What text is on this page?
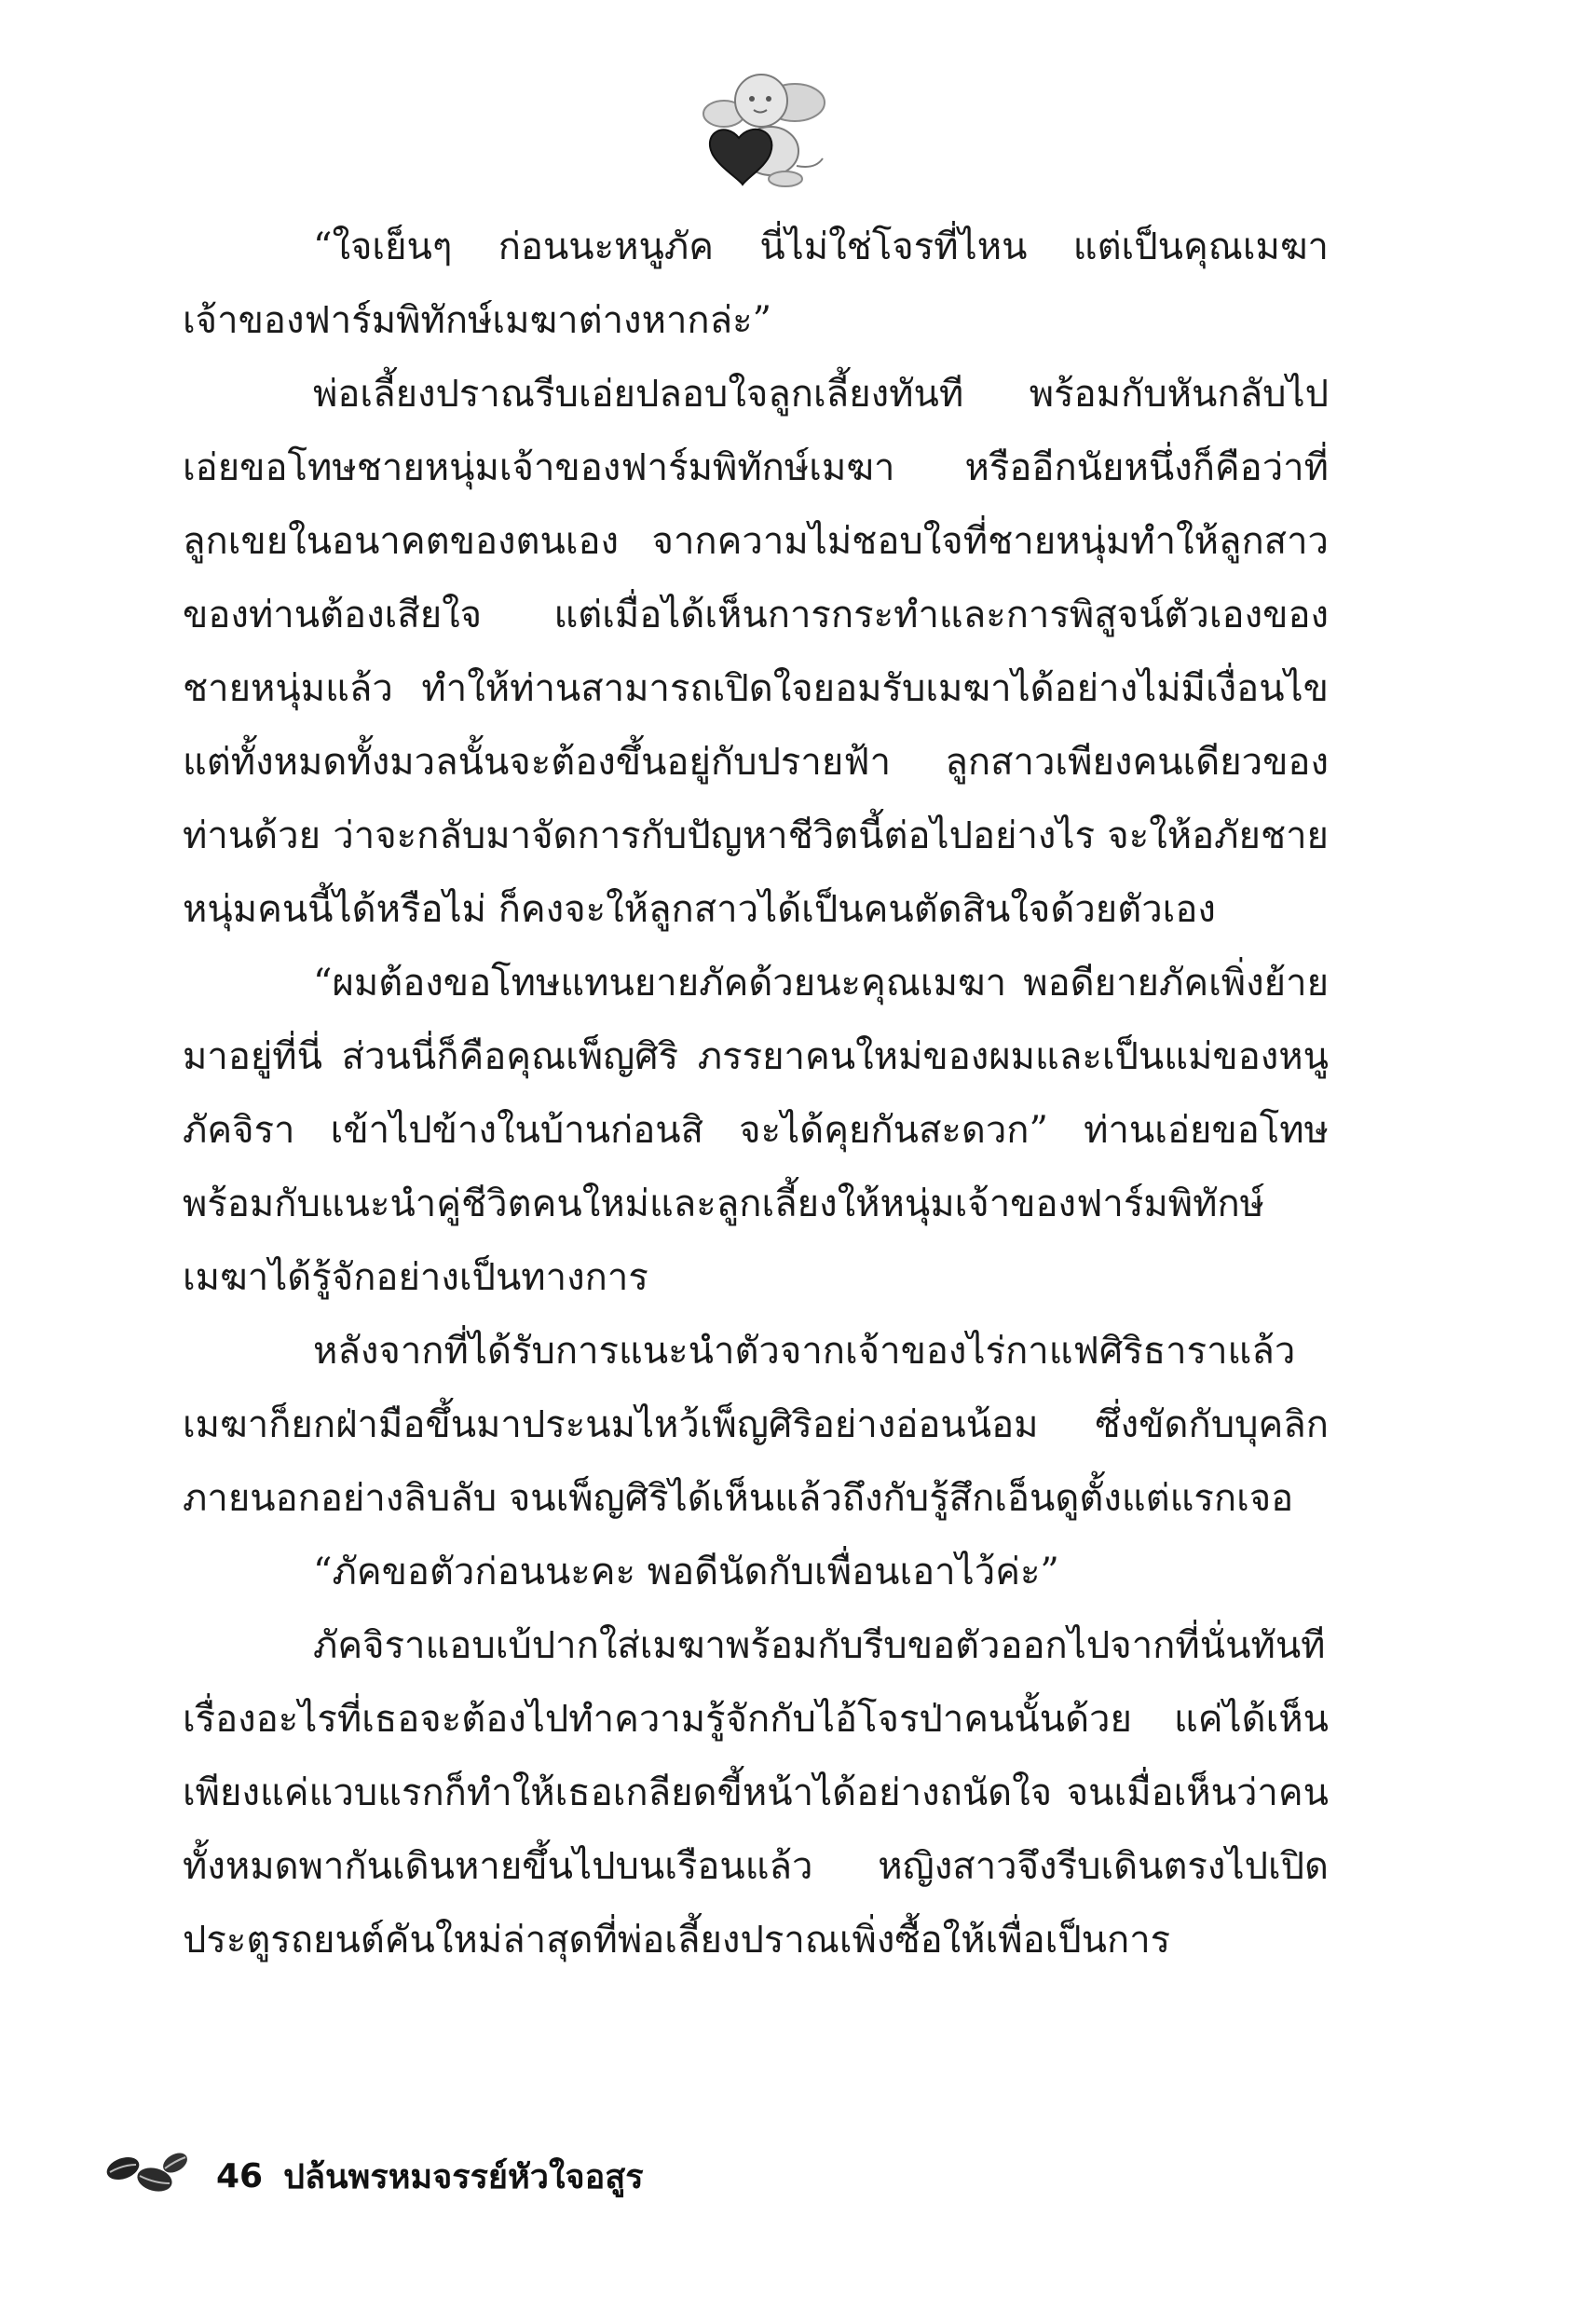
“ใจเย็นๆ ก่อนนะหนูภัค นี่ไม่ใช่โจรที่ไหน แต่เป็นคุณเมฆา เจ้าของฟาร์มพิทักษ์เมฆาต่างหากล่ะ”

พ่อเลี้ยงปราณรีบเอ่ยปลอบใจลูกเลี้ยงทันที พร้อมกับหันกลับไปเอ่ยขอโทษชายหนุ่มเจ้าของฟาร์มพิทักษ์เมฆา หรืออีกนัยหนึ่งก็คือว่าที่ลูกเขยในอนาคตของตนเอง จากความไม่ชอบใจที่ชายหนุ่มทำให้ลูกสาวของท่านต้องเสียใจ แต่เมื่อได้เห็นการกระทำและการพิสูจน์ตัวเองของชายหนุ่มแล้ว ทำให้ท่านสามารถเปิดใจยอมรับเมฆาได้อย่างไม่มีเงื่อนไข แต่ทั้งหมดทั้งมวลนั้นจะต้องขึ้นอยู่กับปรายฟ้า ลูกสาวเพียงคนเดียวของท่านด้วย ว่าจะกลับมาจัดการกับปัญหาชีวิตนี้ต่อไปอย่างไร จะให้อภัยชายหนุ่มคนนี้ได้หรือไม่ ก็คงจะให้ลูกสาวได้เป็นคนตัดสินใจด้วยตัวเอง

“ผมต้องขอโทษแทนยายภัคด้วยนะคุณเมฆา พอดียายภัคเพิ่งย้ายมาอยู่ที่นี่ ส่วนนี่ก็คือคุณเพ็ญศิริ ภรรยาคนใหม่ของผมและเป็นแม่ของหนูภัคจิรา เข้าไปข้างในบ้านก่อนสิ จะได้คุยกันสะดวก” ท่านเอ่ยขอโทษ พร้อมกับแนะนำคู่ชีวิตคนใหม่และลูกเลี้ยงให้หนุ่มเจ้าของฟาร์มพิทักษ์เมฆาได้รู้จักอย่างเป็นทางการ

หลังจากที่ได้รับการแนะนำตัวจากเจ้าของไร่กาแฟศิริธาราแล้ว เมฆาก็ยกฝ่ามือขึ้นมาประนมไหว้เพ็ญศิริอย่างอ่อนน้อม ซึ่งขัดกับบุคลิกภายนอกอย่างลิบลับ จนเพ็ญศิริได้เห็นแล้วถึงกับรู้สึกเอ็นดูตั้งแต่แรกเจอ

“ภัคขอตัวก่อนนะคะ พอดีนัดกับเพื่อนเอาไว้ค่ะ”

ภัคจิราแอบเบ้ปากใส่เมฆาพร้อมกับรีบขอตัวออกไปจากที่นั่นทันที เรื่องอะไรที่เธอจะต้องไปทำความรู้จักกับไอ้โจรป่าคนนั้นด้วย แค่ได้เห็นเพียงแค่แวบแรกก็ทำให้เธอเกลียดขี้หน้าได้อย่างถนัดใจ จนเมื่อเห็นว่าคนทั้งหมดพากันเดินหายขึ้นไปบนเรือนแล้ว หญิงสาวจึงรีบเดินตรงไปเปิดประตูรถยนต์คันใหม่ล่าสุดที่พ่อเลี้ยงปราณเพิ่งซื้อให้เพื่อเป็นการ

46 ปล้นพรหมจรรย์หัวใจอสูร
